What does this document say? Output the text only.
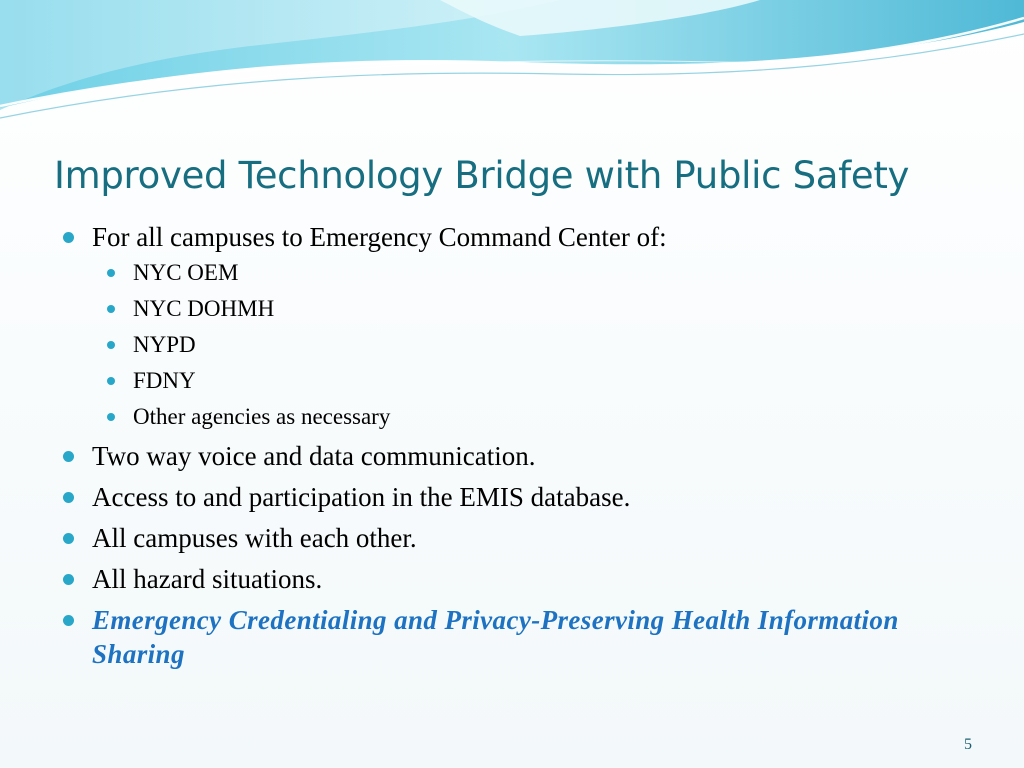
Improved Technology Bridge with Public Safety
For all campuses to Emergency Command Center of:
NYC OEM
NYC DOHMH
NYPD
FDNY
Other agencies as necessary
Two way voice and data communication.
Access to and participation in the EMIS database.
All campuses with each other.
All hazard situations.
Emergency Credentialing and Privacy-Preserving Health Information Sharing
5
